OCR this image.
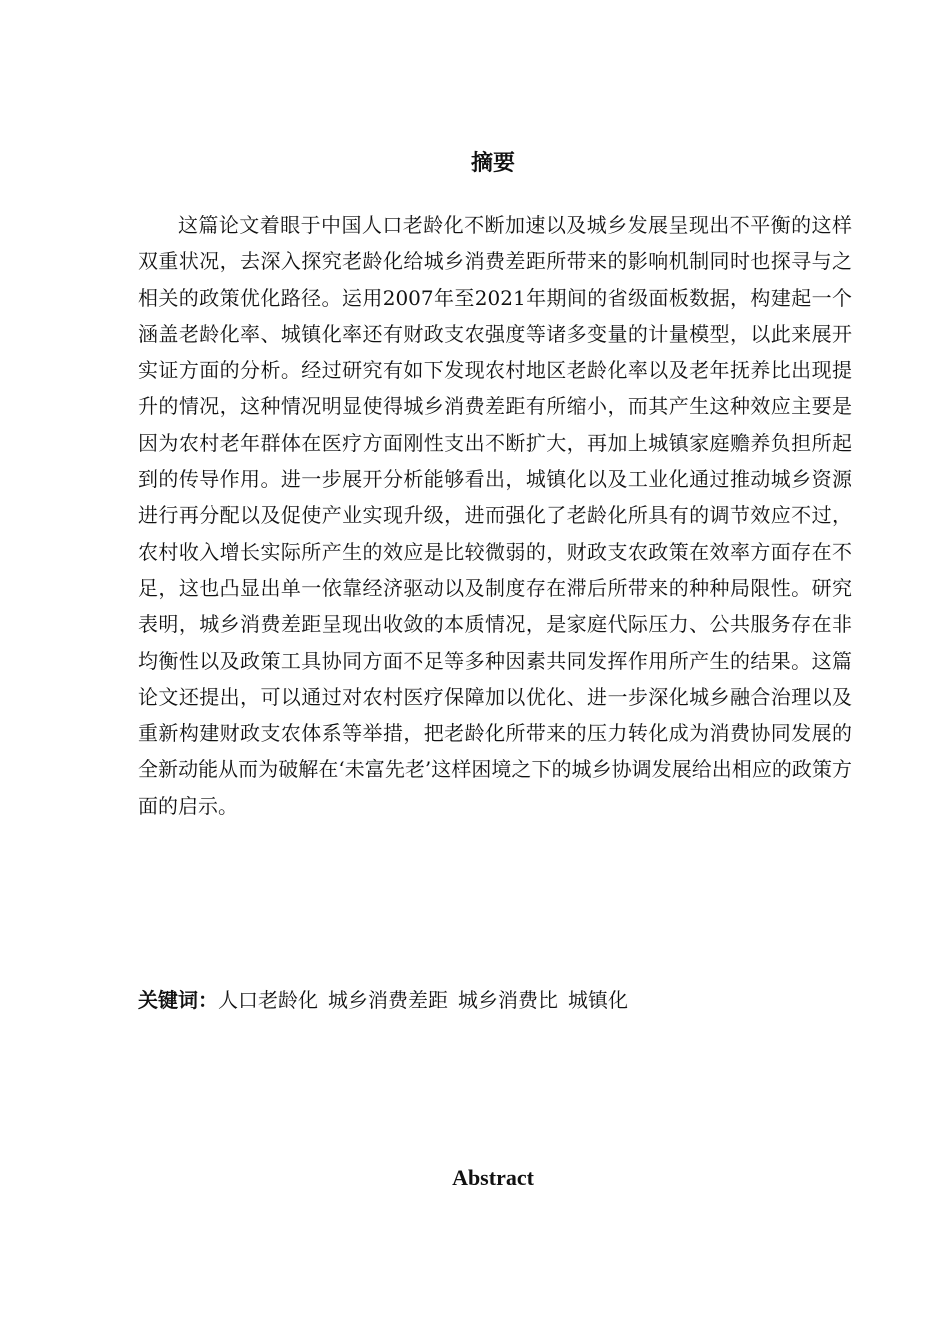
摘要

这篇论文着眼于中国人口老龄化不断加速以及城乡发展呈现出不平衡的这样双重状况，去深入探究老龄化给城乡消费差距所带来的影响机制同时也探寻与之相关的政策优化路径。运用2007年至2021年期间的省级面板数据，构建起一个涵盖老龄化率、城镇化率还有财政支农强度等诸多变量的计量模型，以此来展开实证方面的分析。经过研究有如下发现农村地区老龄化率以及老年抚养比出现提升的情况，这种情况明显使得城乡消费差距有所缩小，而其产生这种效应主要是因为农村老年群体在医疗方面刚性支出不断扩大，再加上城镇家庭赡养负担所起到的传导作用。进一步展开分析能够看出，城镇化以及工业化通过推动城乡资源进行再分配以及促使产业实现升级，进而强化了老龄化所具有的调节效应不过，农村收入增长实际所产生的效应是比较微弱的，财政支农政策在效率方面存在不足，这也凸显出单一依靠经济驱动以及制度存在滞后所带来的种种局限性。研究表明，城乡消费差距呈现出收敛的本质情况，是家庭代际压力、公共服务存在非均衡性以及政策工具协同方面不足等多种因素共同发挥作用所产生的结果。这篇论文还提出，可以通过对农村医疗保障加以优化、进一步深化城乡融合治理以及重新构建财政支农体系等举措，把老龄化所带来的压力转化成为消费协同发展的全新动能从而为破解在‘未富先老’这样困境之下的城乡协调发展给出相应的政策方面的启示。

关键词：人口老龄化 城乡消费差距 城乡消费比 城镇化

Abstract
